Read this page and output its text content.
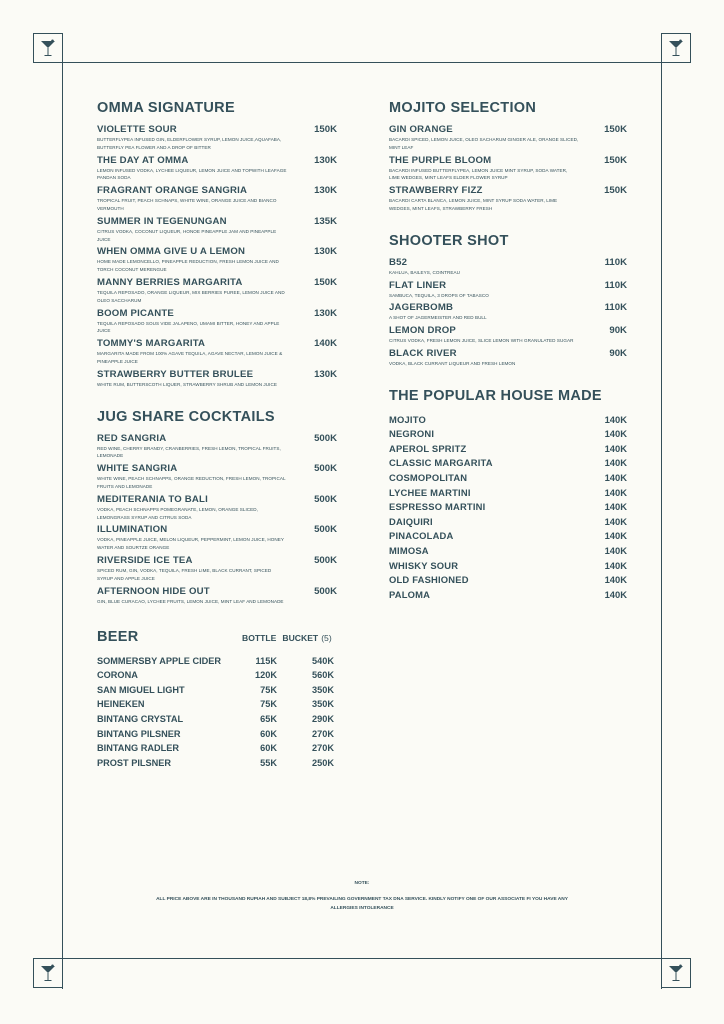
OMMA SIGNATURE
VIOLETTE SOUR	150K
BUTTERFLYPEA INFUSED GIN, ELDERFLOWER SYRUP, LEMON JUICE,AQUAFABA, BUTTERFLY PEA FLOWER AND A DROP OF BITTER
THE DAY AT OMMA	130K
LEMON INFUSED VODKA, LYCHEE LIQUEUR, LEMON JUICE AND TOPWITH LEAFAGE PANDAN SODA
FRAGRANT ORANGE SANGRIA	130K
TROPICAL FRUIT, PEACH SCHNAPS, WHITE WINE, ORANGE JUICE AND BIANCO VERMOUTH
SUMMER IN TEGENUNGAN	135K
CITRUS VODKA, COCONUT LIQUEUR, HONOE PINEAPPLE JAM AND PINEAPPLE JUICE
WHEN OMMA GIVE U A LEMON	130K
HOME MADE LEMONCELLO, PINEAPPLE REDUCTION, FRESH LEMON JUICE AND TORCH COCONUT MERENGUE
MANNY BERRIES MARGARITA	150K
TEQUILA REPOSADO, ORANGE LIQUEUR, MIX BERRIES PUREE, LEMON JUICE AND OLEO SACCHARUM
BOOM PICANTE	130K
TEQUILA REPOSADO SOUS VIDE JALAPENO, UMAMI BITTER, HONEY AND APPLE JUICE
TOMMY'S MARGARITA	140K
MARGARITA MADE FROM 100% AGAVE TEQUILA, AGAVE NECTAR, LEMON JUICE & PINEAPPLE JUICE
STRAWBERRY BUTTER BRULEE	130K
WHITE RUM, BUTTERSCOTH LIQUER, STRAWBERRY SHRUB AND LEMON JUICE
JUG SHARE COCKTAILS
RED SANGRIA	500K
RED WINE, CHERRY BRANDY, CRANBERRIES, FRESH LEMON, TROPICAL FRUITS, LEMONADE
WHITE SANGRIA	500K
WHITE WINE, PEACH SCHNAPPS, ORANGE REDUCTION, FRESH LEMON, TROPICAL FRUITS AND LEMONADE
MEDITERANIA TO BALI	500K
VODKA, PEACH SCHNAPPS POMEGRANATE, LEMON, ORANGE SLICED, LEMONGRASS SYRUP AND CITRUS SODA
ILLUMINATION	500K
VODKA, PINEAPPLE JUICE, MELON LIQUEUR, PEPPERMINT, LEMON JUICE, HONEY WATER AND SOURTZE ORANGE
RIVERSIDE ICE TEA	500K
SPICED RUM, GIN, VODKA, TEQUILA, FRESH LIME, BLACK CURRANT, SPICED SYRUP AND APPLE JUICE
AFTERNOON HIDE OUT	500K
GIN, BLUE CURACAO, LYCHEE FRUITS, LEMON JUICE, MINT LEAF AND LEMONADE
BEER	BOTTLE BUCKET (5)
SOMMERSBY APPLE CIDER	115K	540K
CORONA	120K	560K
SAN MIGUEL LIGHT	75K	350K
HEINEKEN	75K	350K
BINTANG CRYSTAL	65K	290K
BINTANG PILSNER	60K	270K
BINTANG RADLER	60K	270K
PROST PILSNER	55K	250K
MOJITO SELECTION
GIN ORANGE	150K
BACARDI SPICED, LEMON JUICE, OLEO SACHARUM GINGER ALE, ORANGE SLICED, MINT LEAF
THE PURPLE BLOOM	150K
BACARDI INFUSED BUTTERFLYPEA, LEMON JUICE MINT SYRUP, SODA WATER, LIME WEDGES, MINT LEAFS ELDER FLOWER SYRUP
STRAWBERRY FIZZ	150K
BACARDI CARTA BLANCA, LEMON JUICE, MINT SYRUP SODA WATER, LIME WEDGES, MINT LEAFS, STRAWBERRY FRESH
SHOOTER SHOT
B52	110K
KAHLUA, BAILEYS, COINTREAU
FLAT LINER	110K
SAMBUCA, TEQUILA, 3 DROPS OF TABASCO
JAGERBOMB	110K
A SHOT OF JAGERMEISTER AND RED BULL
LEMON DROP	90K
CITRUS VODKA, FRESH LEMON JUICE, SLICE LEMON WITH GRANULATED SUGAR
BLACK RIVER	90K
VODKA, BLACK CURRANT LIQUEUR AND FRESH LEMON
THE POPULAR HOUSE MADE
MOJITO	140K
NEGRONI	140K
APEROL SPRITZ	140K
CLASSIC MARGARITA	140K
COSMOPOLITAN	140K
LYCHEE MARTINI	140K
ESPRESSO MARTINI	140K
DAIQUIRI	140K
PINACOLADA	140K
MIMOSA	140K
WHISKY SOUR	140K
OLD FASHIONED	140K
PALOMA	140K
NOTE:
ALL PRICE ABOVE ARE IN THOUSAND RUPIAH AND SUBJECT 18,8% PREVAILING GOVERNMENT TAX DNA SERVICE. KINDLY NOTIFY ONE OF OUR ASSOCIATE FI YOU HAVE ANY ALLERGIES INTOLERANCE
